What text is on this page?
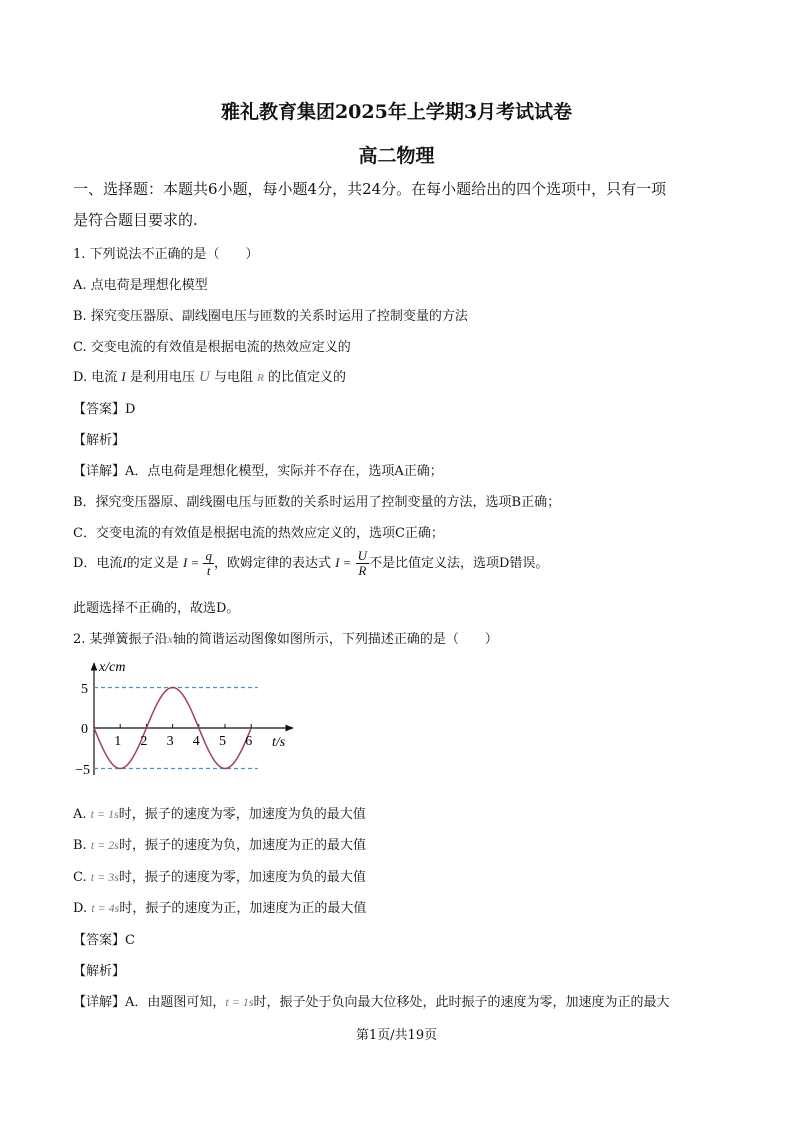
雅礼教育集团2025年上学期3月考试试卷
高二物理
一、选择题：本题共6小题，每小题4分，共24分。在每小题给出的四个选项中，只有一项
是符合题目要求的.
1. 下列说法不正确的是（　　）
A. 点电荷是理想化模型
B. 探究变压器原、副线圈电压与匝数的关系时运用了控制变量的方法
C. 交变电流的有效值是根据电流的热效应定义的
D. 电流 I 是利用电压 U 与电阻 R 的比值定义的
【答案】D
【解析】
【详解】A．点电荷是理想化模型，实际并不存在，选项A正确；
B．探究变压器原、副线圈电压与匝数的关系时运用了控制变量的方法，选项B正确；
C．交变电流的有效值是根据电流的热效应定义的，选项C正确；
D．电流I的定义是 $I = \frac{q}{t}$ ，欧姆定律的表达式 $I = \frac{U}{R}$ 不是比值定义法，选项D错误。
此题选择不正确的，故选D。
2. 某弹簧振子沿x轴的简谐运动图像如图所示，下列描述正确的是（　　）
x/cm
t/s
5
0
−5
1 2 3 4 5 6
A. t = 1s时，振子的速度为零，加速度为负的最大值
B. t = 2s时，振子的速度为负，加速度为正的最大值
C. t = 3s时，振子的速度为零，加速度为负的最大值
D. t = 4s时，振子的速度为正，加速度为正的最大值
【答案】C
【解析】
【详解】A．由题图可知，t = 1s时，振子处于负向最大位移处，此时振子的速度为零，加速度为正的最大
第1页/共19页
